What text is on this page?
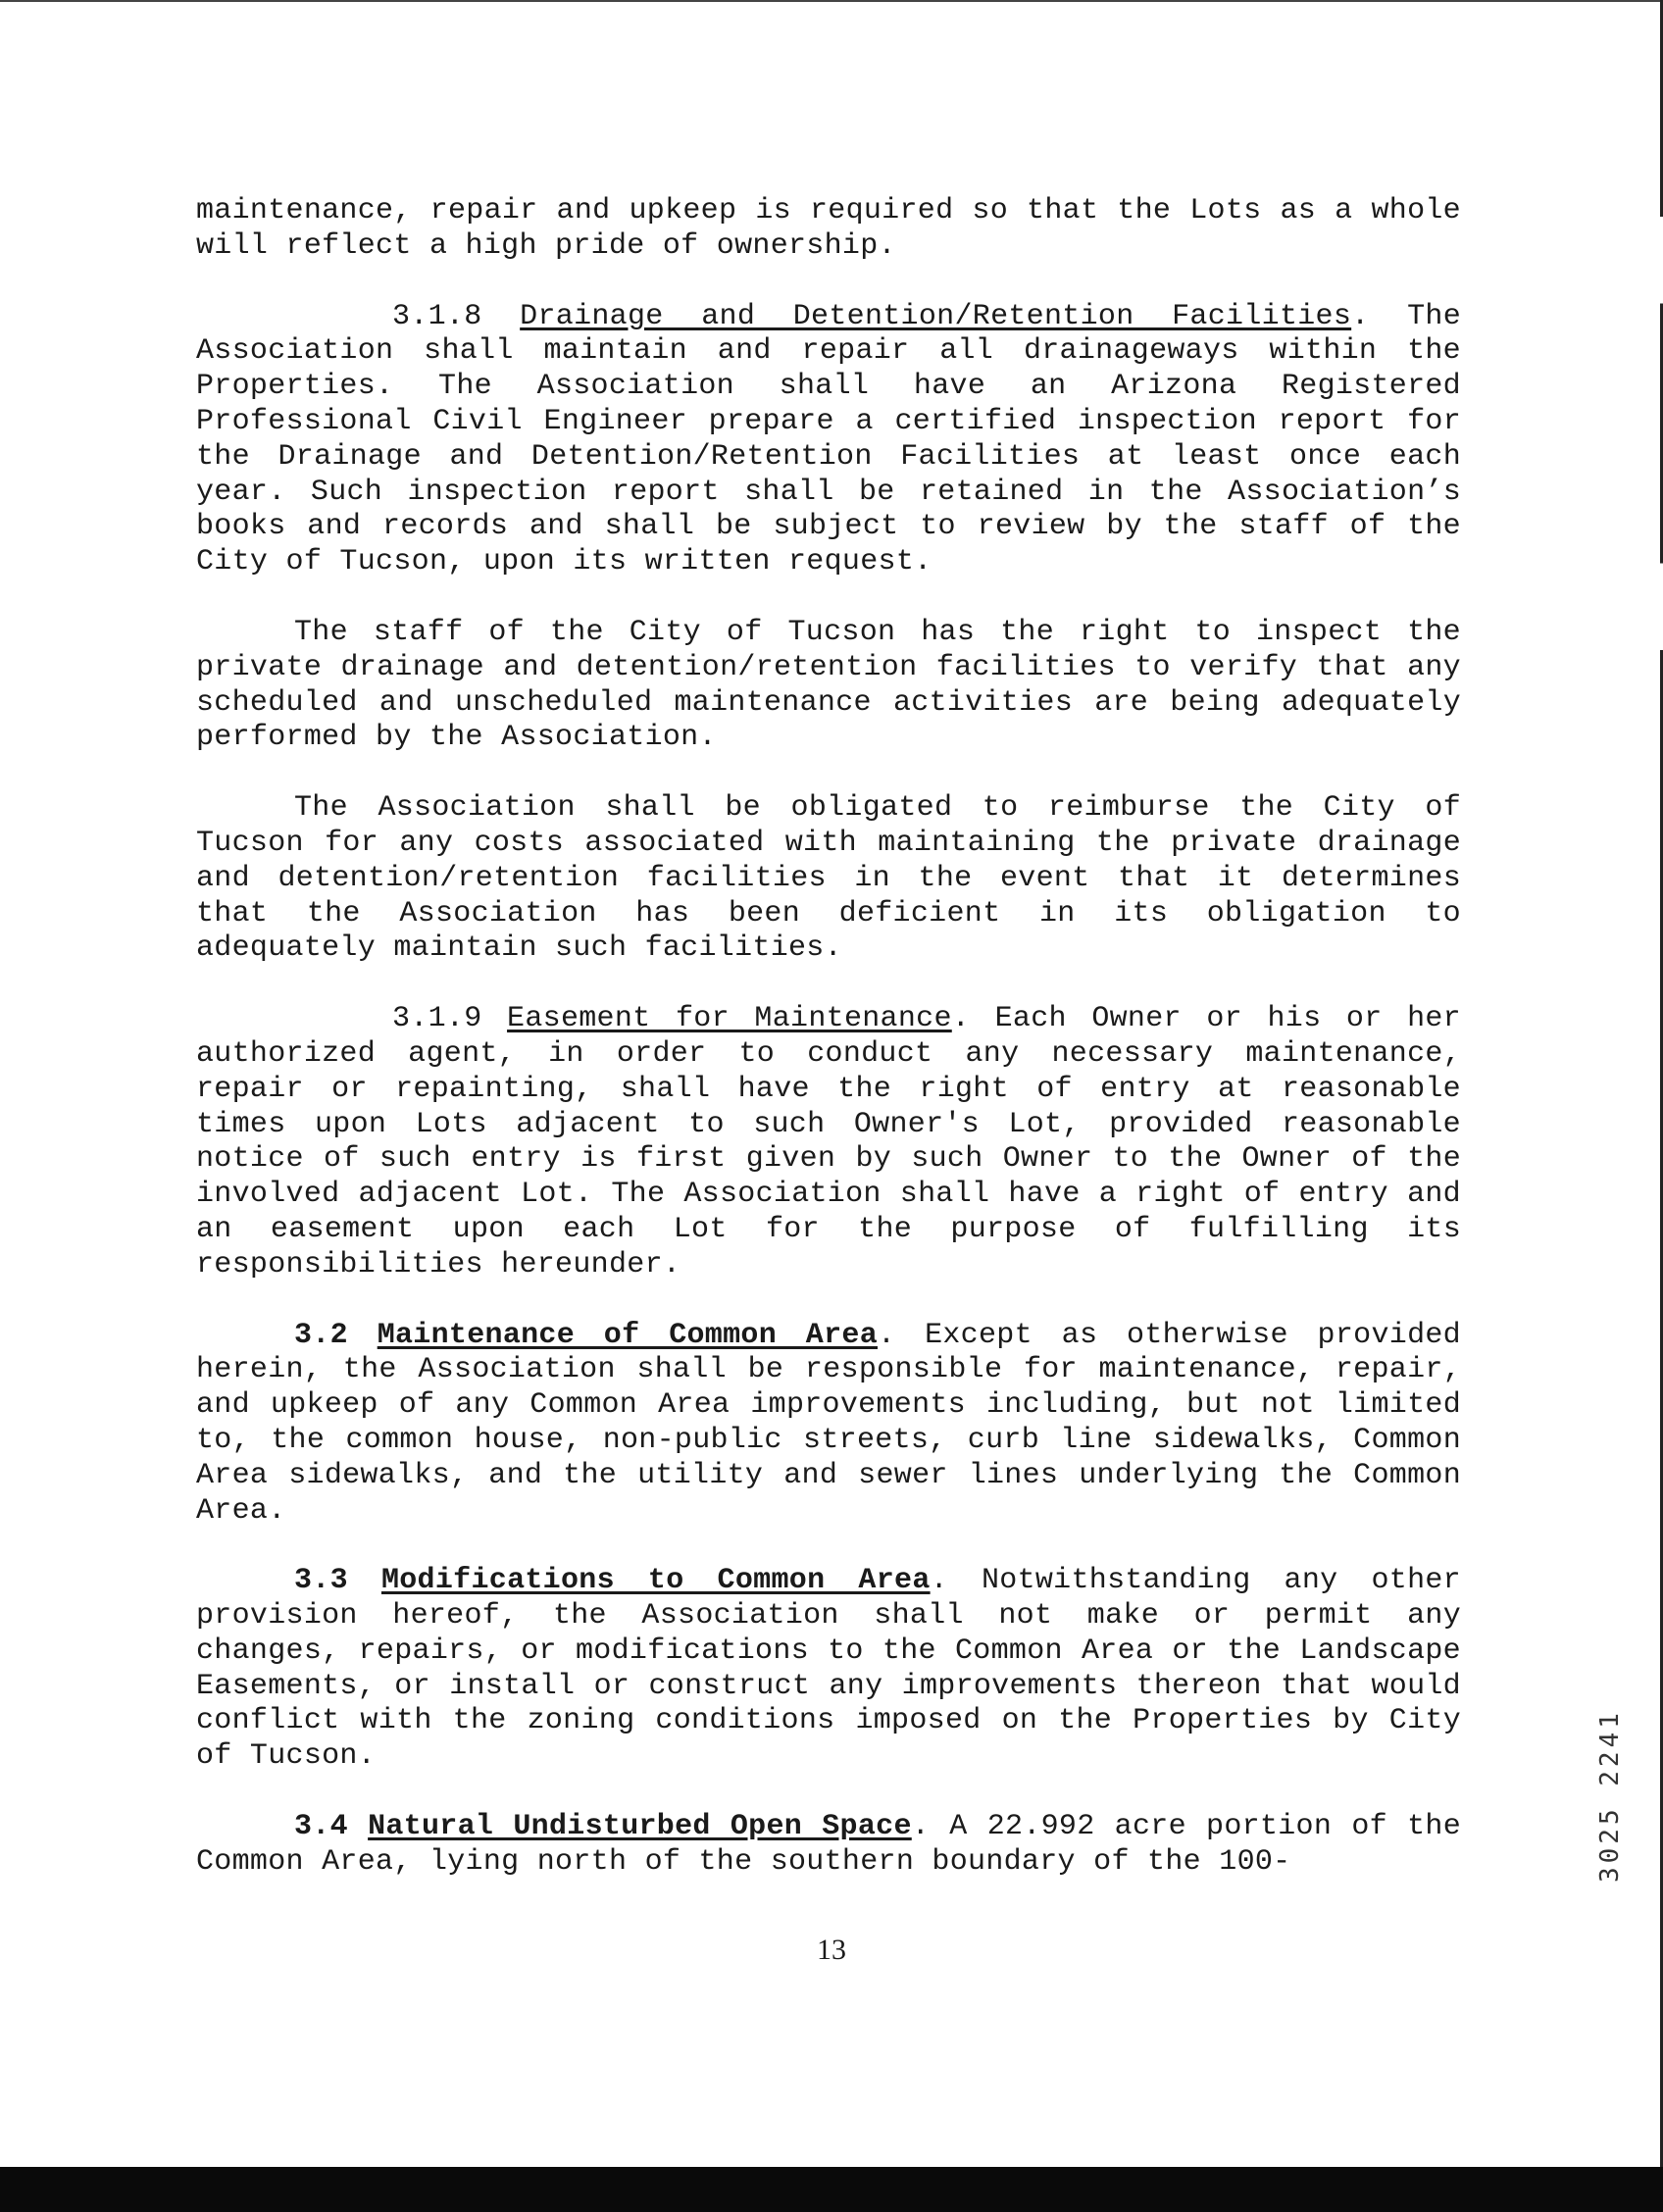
maintenance, repair and upkeep is required so that the Lots as a whole will reflect a high pride of ownership.

3.1.8 Drainage and Detention/Retention Facilities. The Association shall maintain and repair all drainageways within the Properties. The Association shall have an Arizona Registered Professional Civil Engineer prepare a certified inspection report for the Drainage and Detention/Retention Facilities at least once each year. Such inspection report shall be retained in the Association’s books and records and shall be subject to review by the staff of the City of Tucson, upon its written request.

The staff of the City of Tucson has the right to inspect the private drainage and detention/retention facilities to verify that any scheduled and unscheduled maintenance activities are being adequately performed by the Association.

The Association shall be obligated to reimburse the City of Tucson for any costs associated with maintaining the private drainage and detention/retention facilities in the event that it determines that the Association has been deficient in its obligation to adequately maintain such facilities.

3.1.9 Easement for Maintenance. Each Owner or his or her authorized agent, in order to conduct any necessary maintenance, repair or repainting, shall have the right of entry at reasonable times upon Lots adjacent to such Owner's Lot, provided reasonable notice of such entry is first given by such Owner to the Owner of the involved adjacent Lot. The Association shall have a right of entry and an easement upon each Lot for the purpose of fulfilling its responsibilities hereunder.

3.2 Maintenance of Common Area. Except as otherwise provided herein, the Association shall be responsible for maintenance, repair, and upkeep of any Common Area improvements including, but not limited to, the common house, non-public streets, curb line sidewalks, Common Area sidewalks, and the utility and sewer lines underlying the Common Area.

3.3 Modifications to Common Area. Notwithstanding any other provision hereof, the Association shall not make or permit any changes, repairs, or modifications to the Common Area or the Landscape Easements, or install or construct any improvements thereon that would conflict with the zoning conditions imposed on the Properties by City of Tucson.

3.4 Natural Undisturbed Open Space. A 22.992 acre portion of the Common Area, lying north of the southern boundary of the 100-

13
3025 2241
